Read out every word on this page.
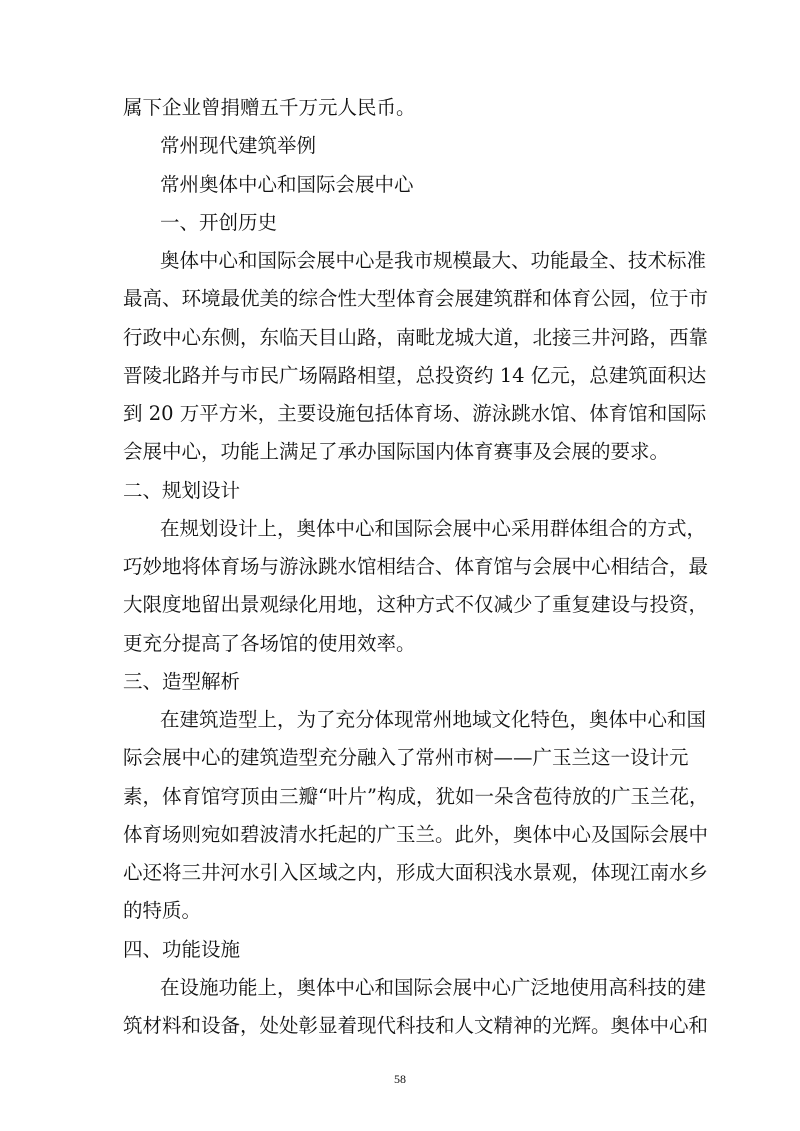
属下企业曾捐赠五千万元人民币。
常州现代建筑举例
常州奥体中心和国际会展中心
一、开创历史
奥体中心和国际会展中心是我市规模最大、功能最全、技术标准
最高、环境最优美的综合性大型体育会展建筑群和体育公园，位于市
行政中心东侧，东临天目山路，南毗龙城大道，北接三井河路，西靠
晋陵北路并与市民广场隔路相望，总投资约 14 亿元，总建筑面积达
到 20 万平方米，主要设施包括体育场、游泳跳水馆、体育馆和国际
会展中心，功能上满足了承办国际国内体育赛事及会展的要求。
二、规划设计
在规划设计上，奥体中心和国际会展中心采用群体组合的方式，
巧妙地将体育场与游泳跳水馆相结合、体育馆与会展中心相结合，最
大限度地留出景观绿化用地，这种方式不仅减少了重复建设与投资，
更充分提高了各场馆的使用效率。
三、造型解析
在建筑造型上，为了充分体现常州地域文化特色，奥体中心和国
际会展中心的建筑造型充分融入了常州市树——广玉兰这一设计元
素，体育馆穹顶由三瓣“叶片”构成，犹如一朵含苞待放的广玉兰花，
体育场则宛如碧波清水托起的广玉兰。此外，奥体中心及国际会展中
心还将三井河水引入区域之内，形成大面积浅水景观，体现江南水乡
的特质。
四、功能设施
在设施功能上，奥体中心和国际会展中心广泛地使用高科技的建
筑材料和设备，处处彰显着现代科技和人文精神的光辉。奥体中心和
58
